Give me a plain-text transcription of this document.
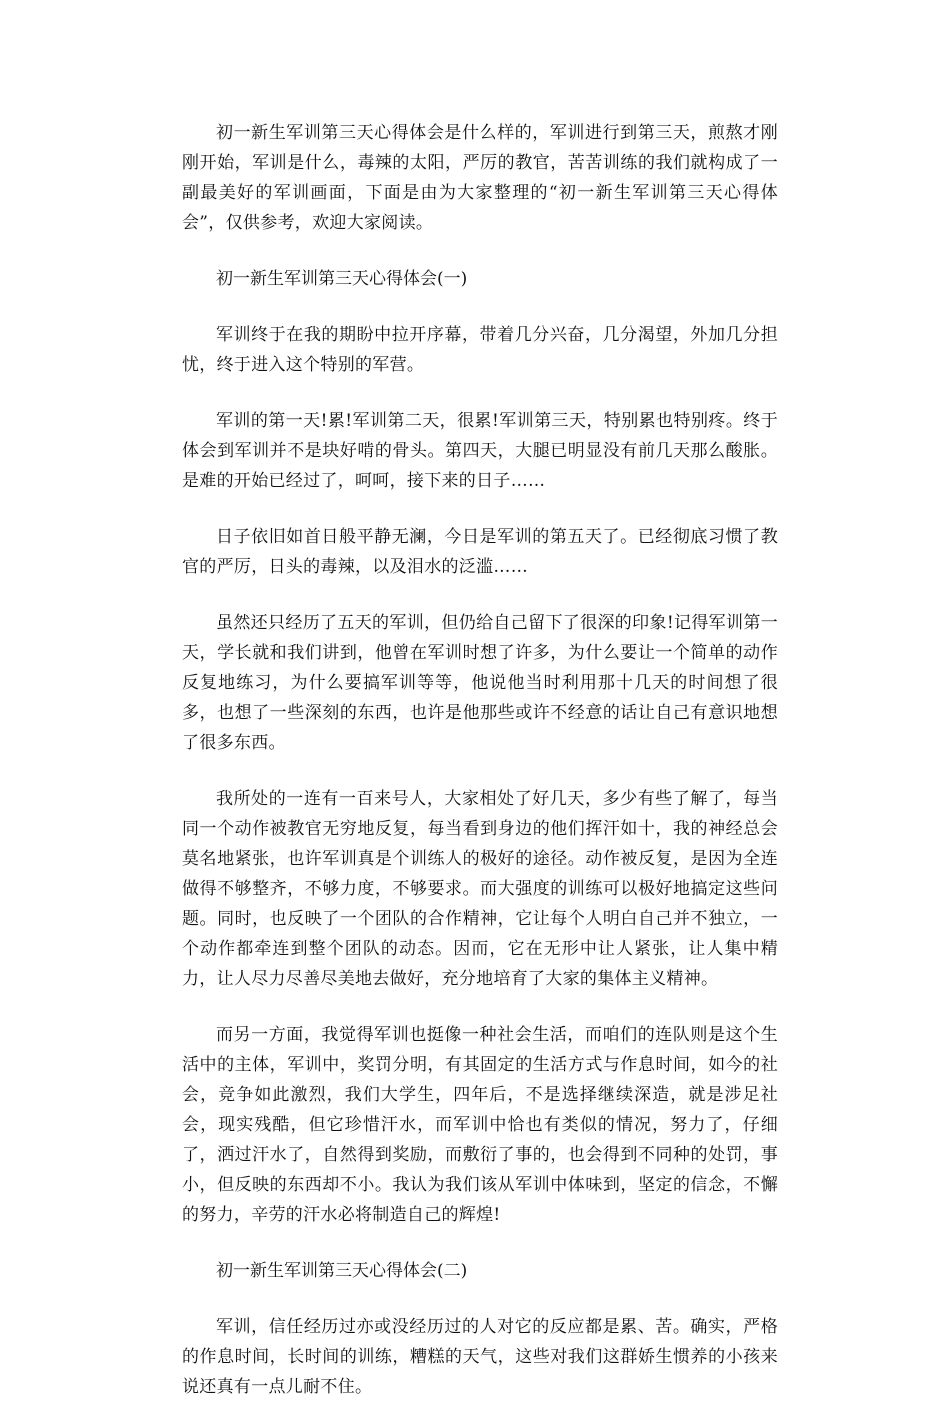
初一新生军训第三天心得体会是什么样的，军训进行到第三天，煎熬才刚刚开始，军训是什么，毒辣的太阳，严厉的教官，苦苦训练的我们就构成了一副最美好的军训画面，下面是由为大家整理的“初一新生军训第三天心得体会”，仅供参考，欢迎大家阅读。

初一新生军训第三天心得体会(一)

军训终于在我的期盼中拉开序幕，带着几分兴奋，几分渴望，外加几分担忧，终于进入这个特别的军营。

军训的第一天!累!军训第二天，很累!军训第三天，特别累也特别疼。终于体会到军训并不是块好啃的骨头。第四天，大腿已明显没有前几天那么酸胀。是难的开始已经过了，呵呵，接下来的日子……

日子依旧如首日般平静无澜，今日是军训的第五天了。已经彻底习惯了教官的严厉，日头的毒辣，以及泪水的泛滥……

虽然还只经历了五天的军训，但仍给自己留下了很深的印象!记得军训第一天，学长就和我们讲到，他曾在军训时想了许多，为什么要让一个简单的动作反复地练习，为什么要搞军训等等，他说他当时利用那十几天的时间想了很多，也想了一些深刻的东西，也许是他那些或许不经意的话让自己有意识地想了很多东西。

我所处的一连有一百来号人，大家相处了好几天，多少有些了解了，每当同一个动作被教官无穷地反复，每当看到身边的他们挥汗如十，我的神经总会莫名地紧张，也许军训真是个训练人的极好的途径。动作被反复，是因为全连做得不够整齐，不够力度，不够要求。而大强度的训练可以极好地搞定这些问题。同时，也反映了一个团队的合作精神，它让每个人明白自己并不独立，一个动作都牵连到整个团队的动态。因而，它在无形中让人紧张，让人集中精力，让人尽力尽善尽美地去做好，充分地培育了大家的集体主义精神。

而另一方面，我觉得军训也挺像一种社会生活，而咱们的连队则是这个生活中的主体，军训中，奖罚分明，有其固定的生活方式与作息时间，如今的社会，竞争如此激烈，我们大学生，四年后，不是选择继续深造，就是涉足社会，现实残酷，但它珍惜汗水，而军训中恰也有类似的情况，努力了，仔细了，洒过汗水了，自然得到奖励，而敷衍了事的，也会得到不同种的处罚，事小，但反映的东西却不小。我认为我们该从军训中体味到，坚定的信念，不懈的努力，辛劳的汗水必将制造自己的辉煌!

初一新生军训第三天心得体会(二)

军训，信任经历过亦或没经历过的人对它的反应都是累、苦。确实，严格的作息时间，长时间的训练，糟糕的天气，这些对我们这群娇生惯养的小孩来说还真有一点儿耐不住。
